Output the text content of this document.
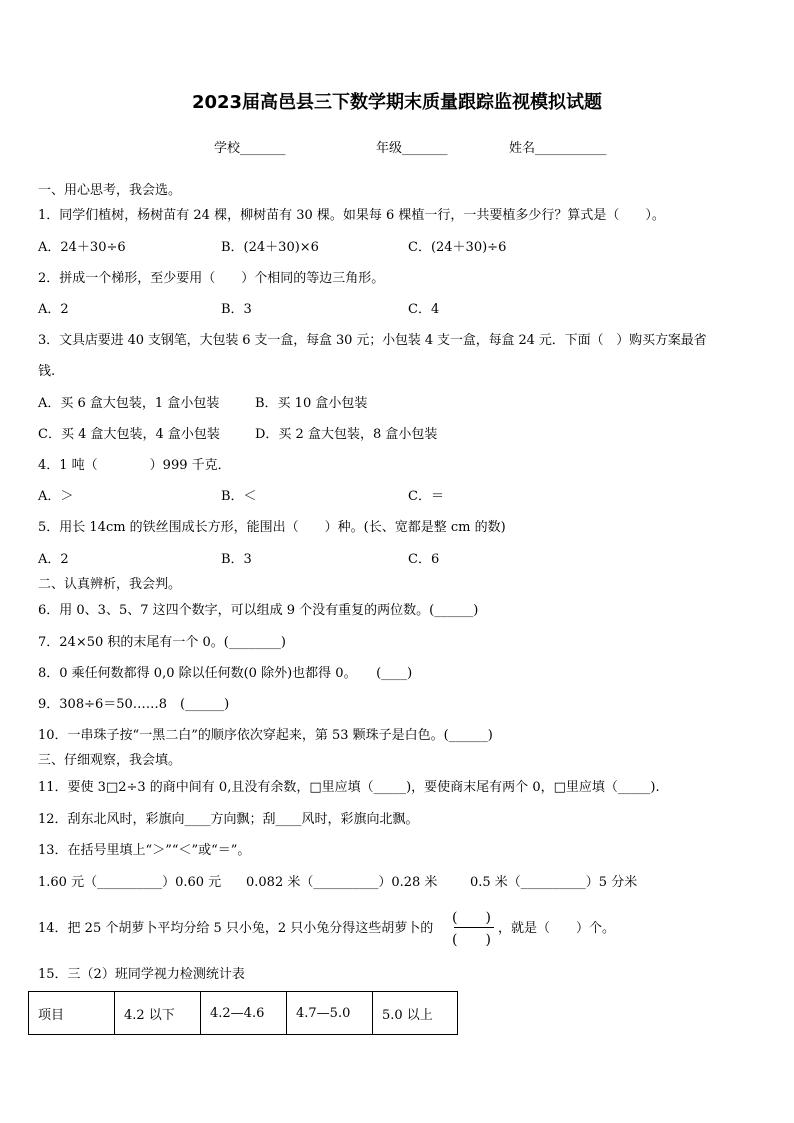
2023届高邑县三下数学期末质量跟踪监视模拟试题
学校_______	年级_______	姓名___________
一、用心思考，我会选。
1．同学们植树，杨树苗有 24 棵，柳树苗有 30 棵。如果每 6 棵植一行，一共要植多少行？算式是（　　）。
A．24＋30÷6	B．(24＋30)×6	C．(24＋30)÷6
2．拼成一个梯形，至少要用（　　）个相同的等边三角形。
A．2	B．3	C．4
3．文具店要进 40 支钢笔，大包装 6 支一盒，每盒 30 元；小包装 4 支一盒，每盒 24 元．下面（　）购买方案最省
钱.
A．买 6 盒大包装，1 盒小包装	B．买 10 盒小包装
C．买 4 盒大包装，4 盒小包装	D．买 2 盒大包装，8 盒小包装
4．1 吨（　　　　）999 千克．
A．＞	B．＜	C．＝
5．用长 14cm 的铁丝围成长方形，能围出（　　）种。(长、宽都是整 cm 的数)
A．2	B．3	C．6
二、认真辨析，我会判。
6．用 0、3、5、7 这四个数字，可以组成 9 个没有重复的两位数。(______)
7．24×50 积的末尾有一个 0。(________)
8．0 乘任何数都得 0,0 除以任何数(0 除外)也都得 0。　　(____)
9．308÷6＝50……8　(______)
10．一串珠子按“一黑二白”的顺序依次穿起来，第 53 颗珠子是白色。(______)
三、仔细观察，我会填。
11．要使 3□2÷3 的商中间有 0,且没有余数，□里应填（_____)，要使商末尾有两个 0，□里应填（_____).
12．刮东北风时，彩旗向____方向飘；刮____风时，彩旗向北飘。
13．在括号里填上“＞”“＜”或“＝”。
1.60 元（__________）0.60 元 0.082 米（__________）0.28 米	0.5 米（__________）5 分米
14．把 25 个胡萝卜平均分给 5 只小兔，2 只小兔分得这些胡萝卜的
(　　)
(　　)
，就是（　　）个。
15．三（2）班同学视力检测统计表
项目	4.2 以下	4.2—4.6	4.7—5.0	5.0 以上
